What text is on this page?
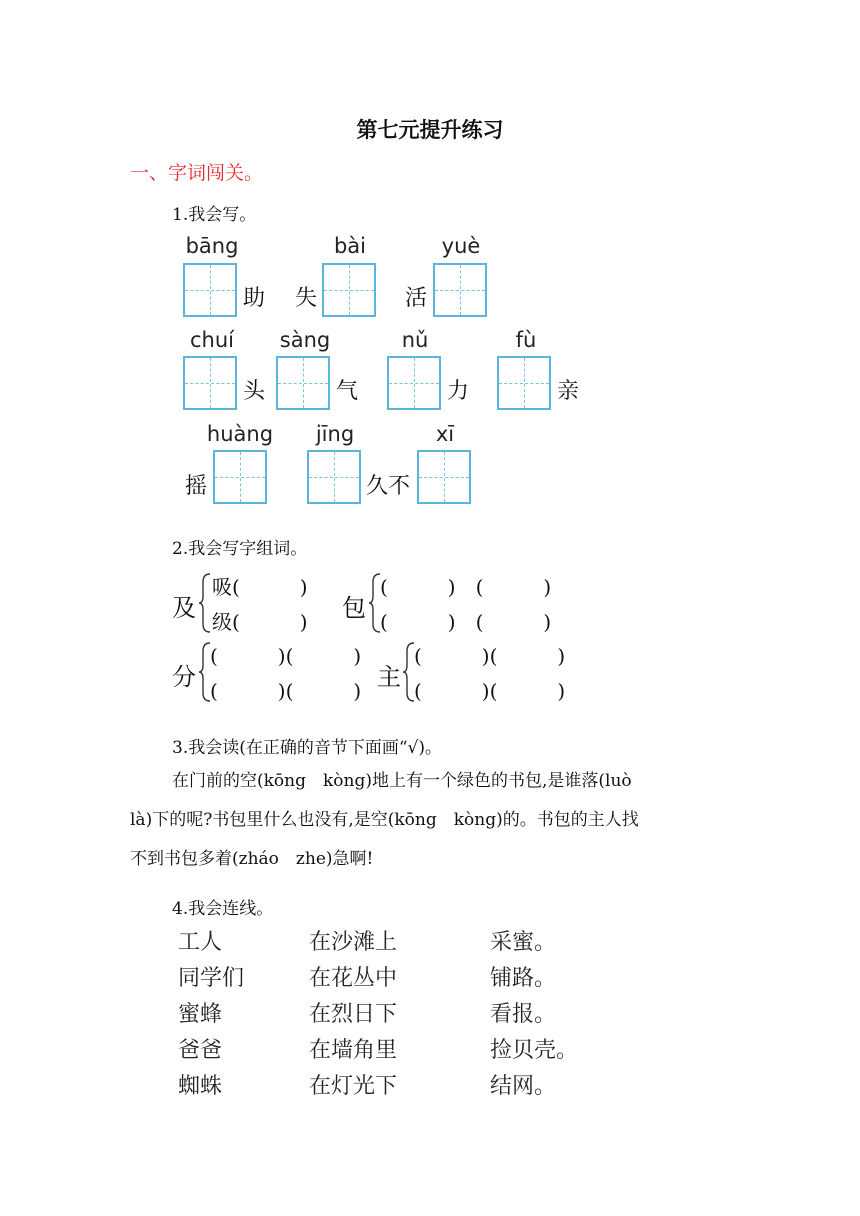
第七元提升练习
一、字词闯关。
1.我会写。
bāng
助
bài
失
yuè
活
chuí
头
sàng
气
nǔ
力
fù
亲
huàng
摇
jīng
久不
xī
2.我会写字组词。
及
吸(　　　)
级(　　　) 包
(　　　)　(　　　)
(　　　)　(　　　)
分
(　　　)(　　　)
(　　　)(　　　) 主
(　　　)(　　　)
(　　　)(　　　)
3.我会读(在正确的音节下面画“√)。
在门前的空(kōng　kòng)地上有一个绿色的书包,是谁落(luò
là)下的呢?书包里什么也没有,是空(kōng　kòng)的。书包的主人找
不到书包多着(zháo　zhe)急啊!
4.我会连线。
工人
同学们
蜜蜂
爸爸
蜘蛛
在沙滩上
在花丛中
在烈日下
在墙角里
在灯光下
采蜜。
铺路。
看报。
捡贝壳。
结网。
